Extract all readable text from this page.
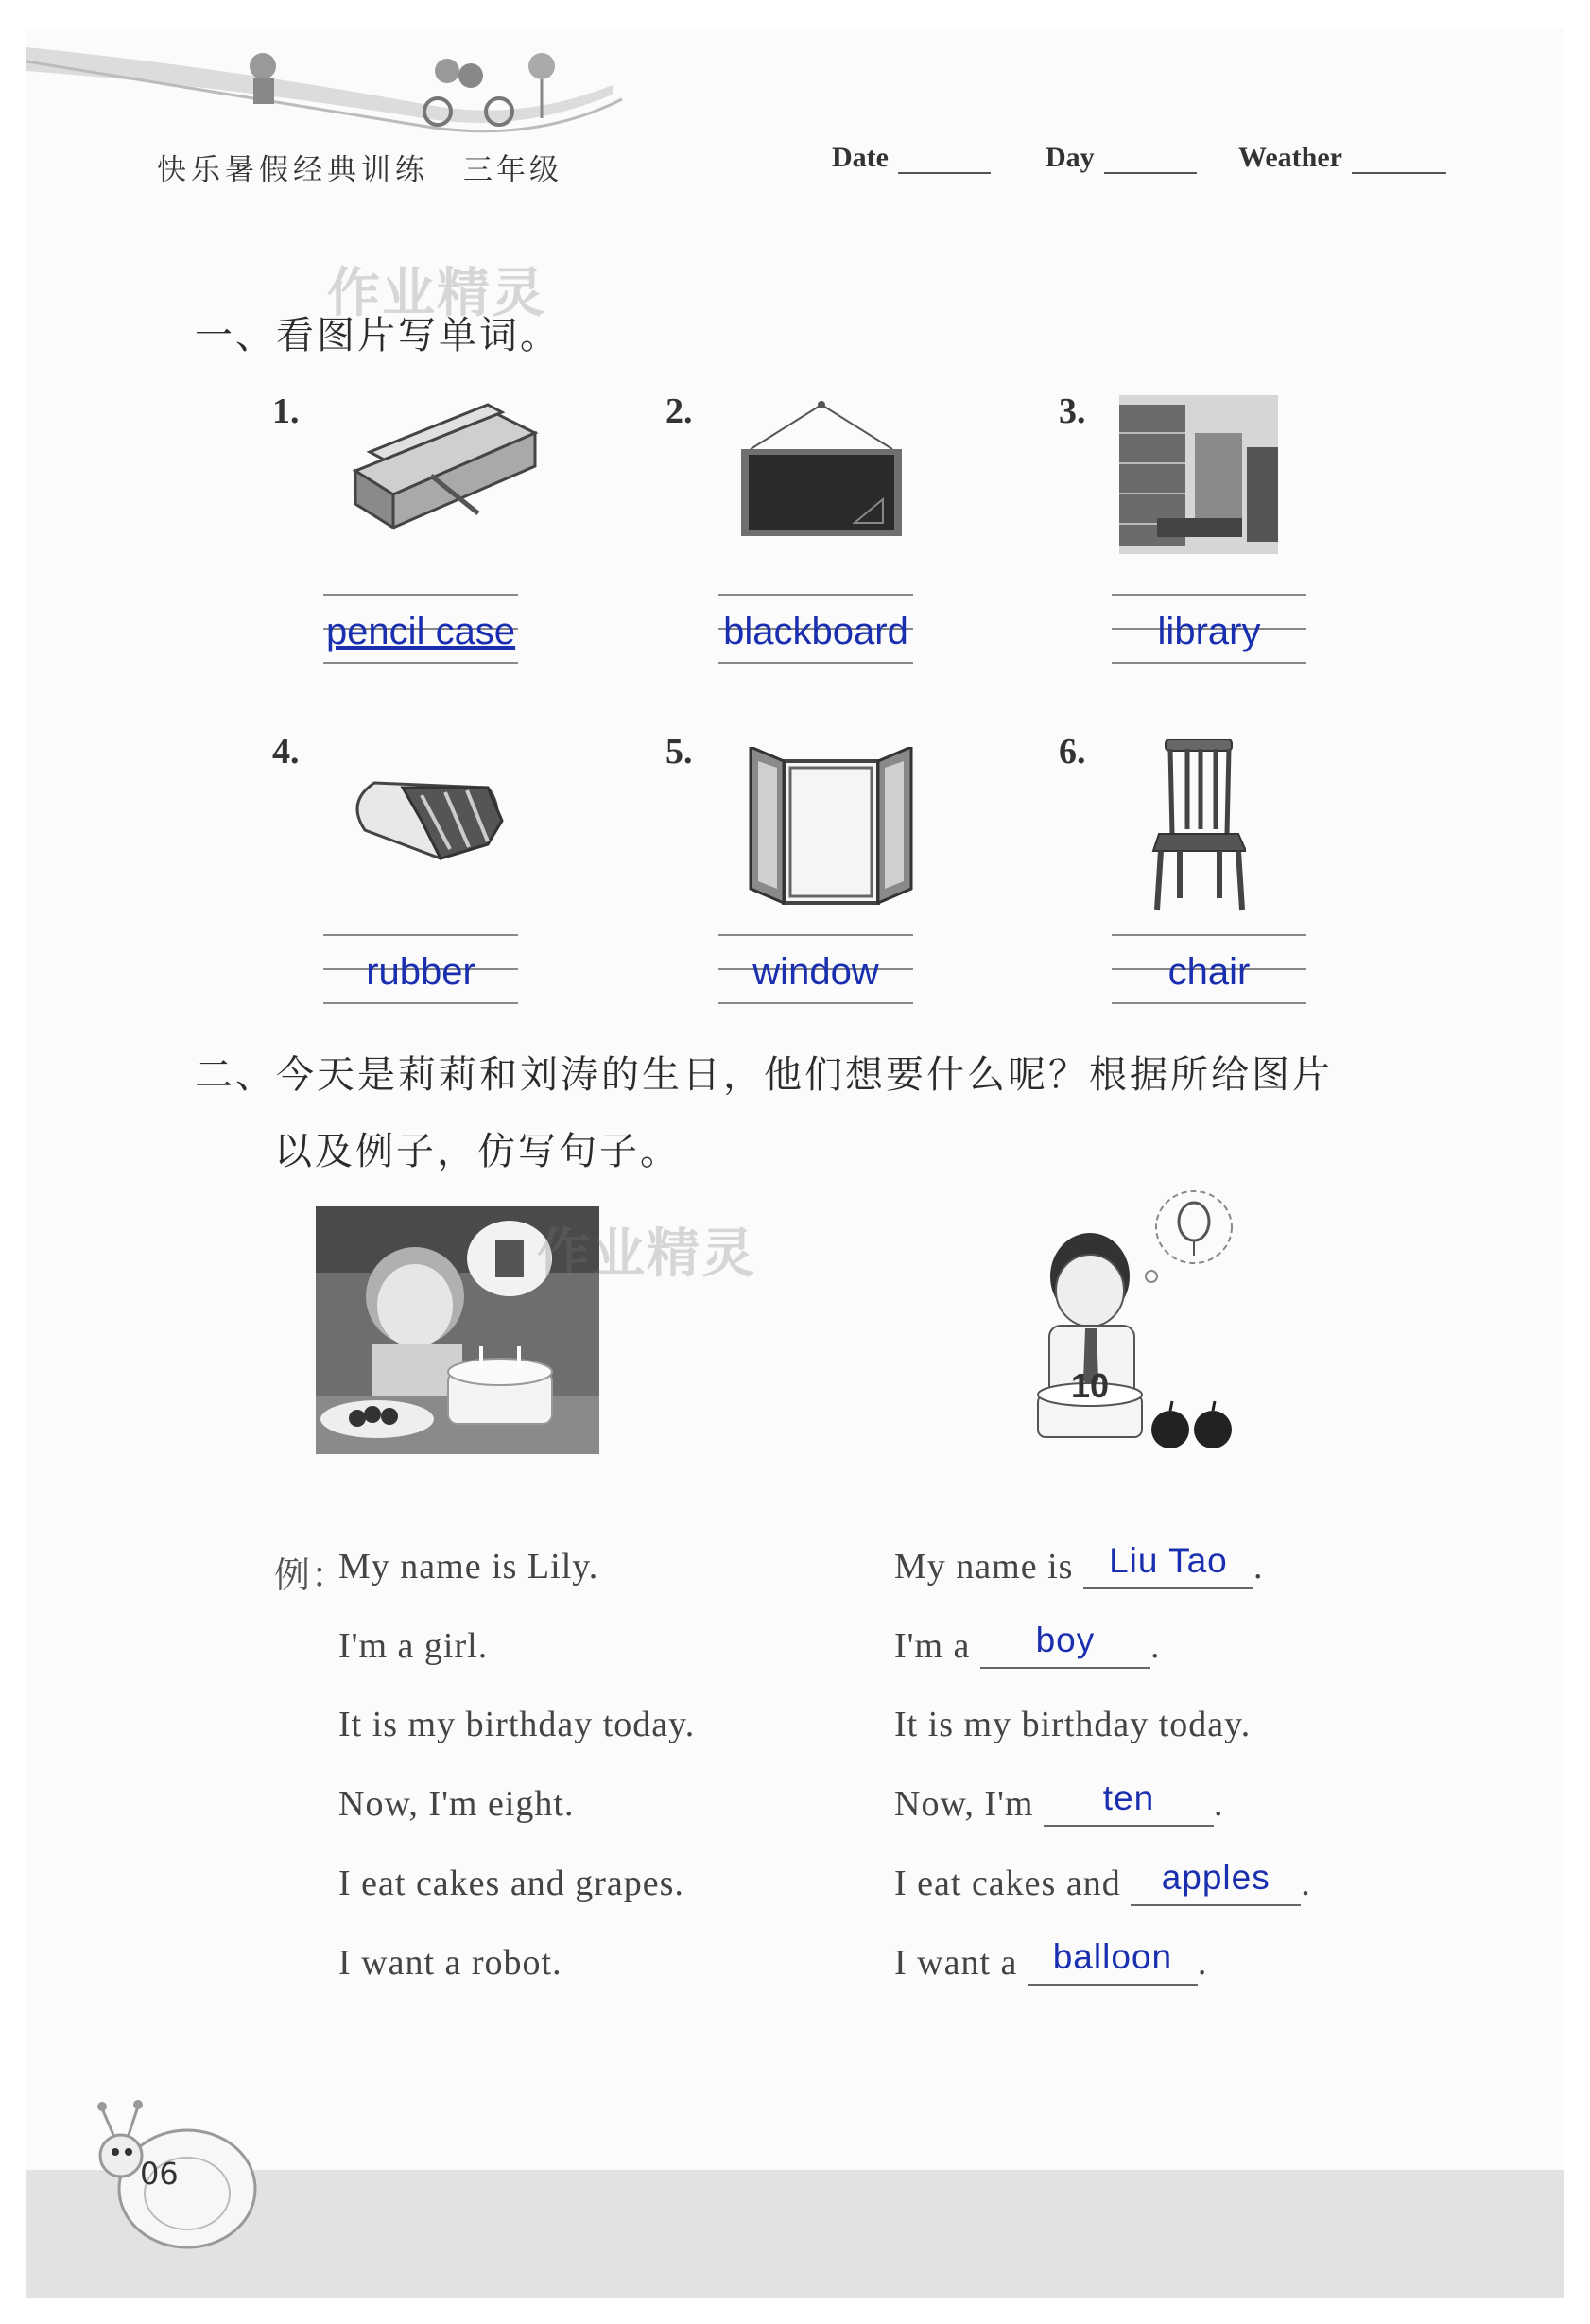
快乐暑假经典训练 三年级	Date	Day	Weather
作业精灵
一、看图片写单词。
1.	2.	3.
4.	5.	6.
pencil case	blackboard	library
rubber	window	chair
二、今天是莉莉和刘涛的生日，他们想要什么呢？根据所给图片
以及例子，仿写句子。
作业精灵
10
例：
My name is Lily.
I'm a girl.
It is my birthday today.
Now, I'm eight.
I eat cakes and grapes.
I want a robot.
My name is Liu Tao .
I'm a boy .
It is my birthday today.
Now, I'm ten .
I eat cakes and apples .
I want a balloon .
06
